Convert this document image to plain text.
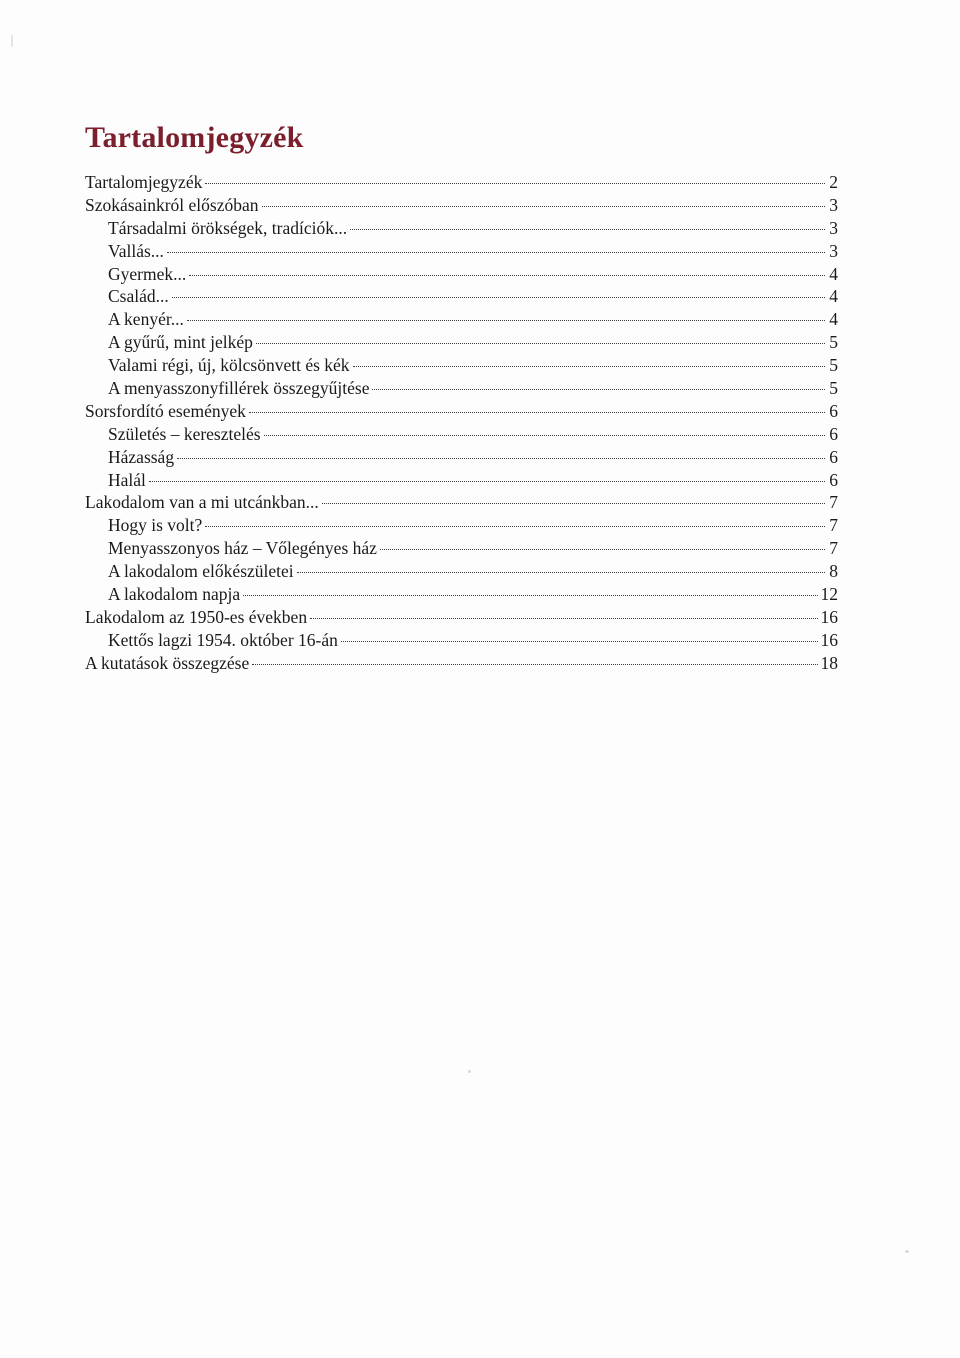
Tartalomjegyzék
Tartalomjegyzék	2
Szokásainkról előszóban	3
Társadalmi örökségek, tradíciók...	3
Vallás...	3
Gyermek...	4
Család...	4
A kenyér...	4
A gyűrű, mint jelkép	5
Valami régi, új, kölcsönvett és kék	5
A menyasszonyfillérek összegyűjtése	5
Sorsfordító események	6
Születés – keresztelés	6
Házasság	6
Halál	6
Lakodalom van a mi utcánkban...	7
Hogy is volt?	7
Menyasszonyos ház – Vőlegényes ház	7
A lakodalom előkészületei	8
A lakodalom napja	12
Lakodalom az 1950-es években	16
Kettős lagzi 1954. október 16-án	16
A kutatások összegzése	18
